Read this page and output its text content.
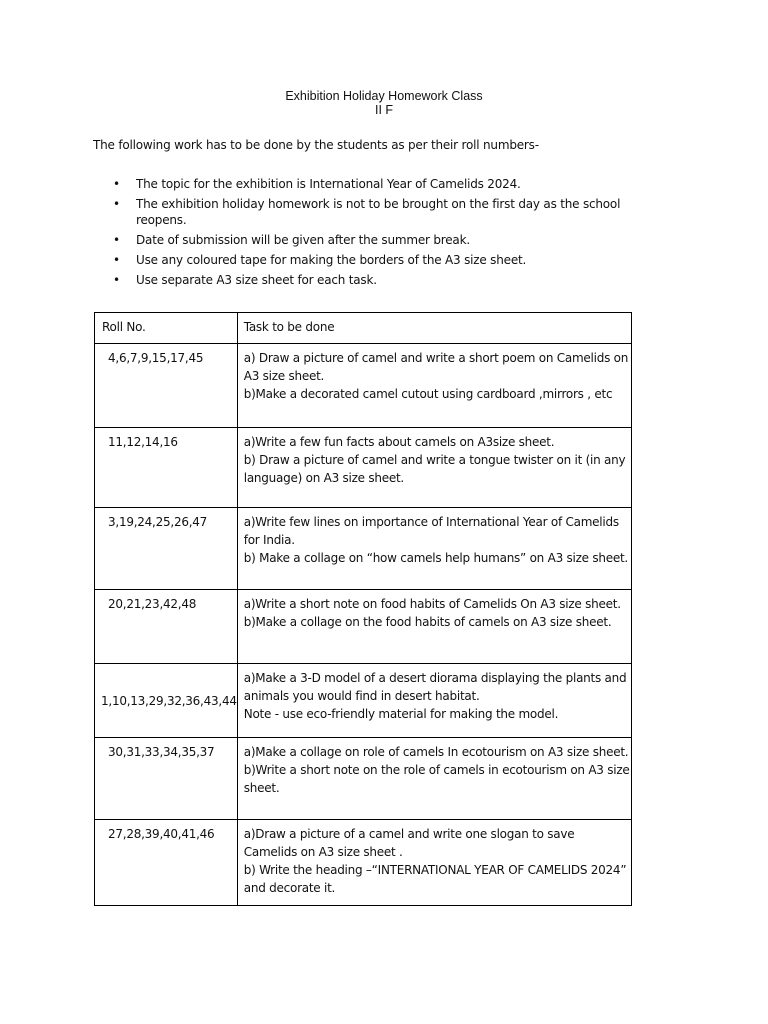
Exhibition Holiday Homework Class
II F
The following work has to be done by the students as per their roll numbers-
• The topic for the exhibition is International Year of Camelids 2024.
• The exhibition holiday homework is not to be brought on the first day as the school reopens.
• Date of submission will be given after the summer break.
• Use any coloured tape for making the borders of the A3 size sheet.
• Use separate A3 size sheet for each task.
Roll No.	Task to be done

4,6,7,9,15,17,45	a) Draw a picture of camel and write a short poem on Camelids on A3 size sheet.
b)Make a decorated camel cutout using cardboard ,mirrors , etc

11,12,14,16	a)Write a few fun facts about camels on A3size sheet.
b) Draw a picture of camel and write a tongue twister on it (in any language) on A3 size sheet.

3,19,24,25,26,47	a)Write few lines on importance of International Year of Camelids for India.
b) Make a collage on “how camels help humans” on A3 size sheet.

20,21,23,42,48	a)Write a short note on food habits of Camelids On A3 size sheet.
b)Make a collage on the food habits of camels on A3 size sheet.

1,10,13,29,32,36,43,44	a)Make a 3-D model of a desert diorama displaying the plants and animals you would find in desert habitat.
Note - use eco-friendly material for making the model.

30,31,33,34,35,37	a)Make a collage on role of camels In ecotourism on A3 size sheet.
b)Write a short note on the role of camels in ecotourism on A3 size sheet.

27,28,39,40,41,46	a)Draw a picture of a camel and write one slogan to save Camelids on A3 size sheet .
b) Write the heading –“INTERNATIONAL YEAR OF CAMELIDS 2024” and decorate it.
